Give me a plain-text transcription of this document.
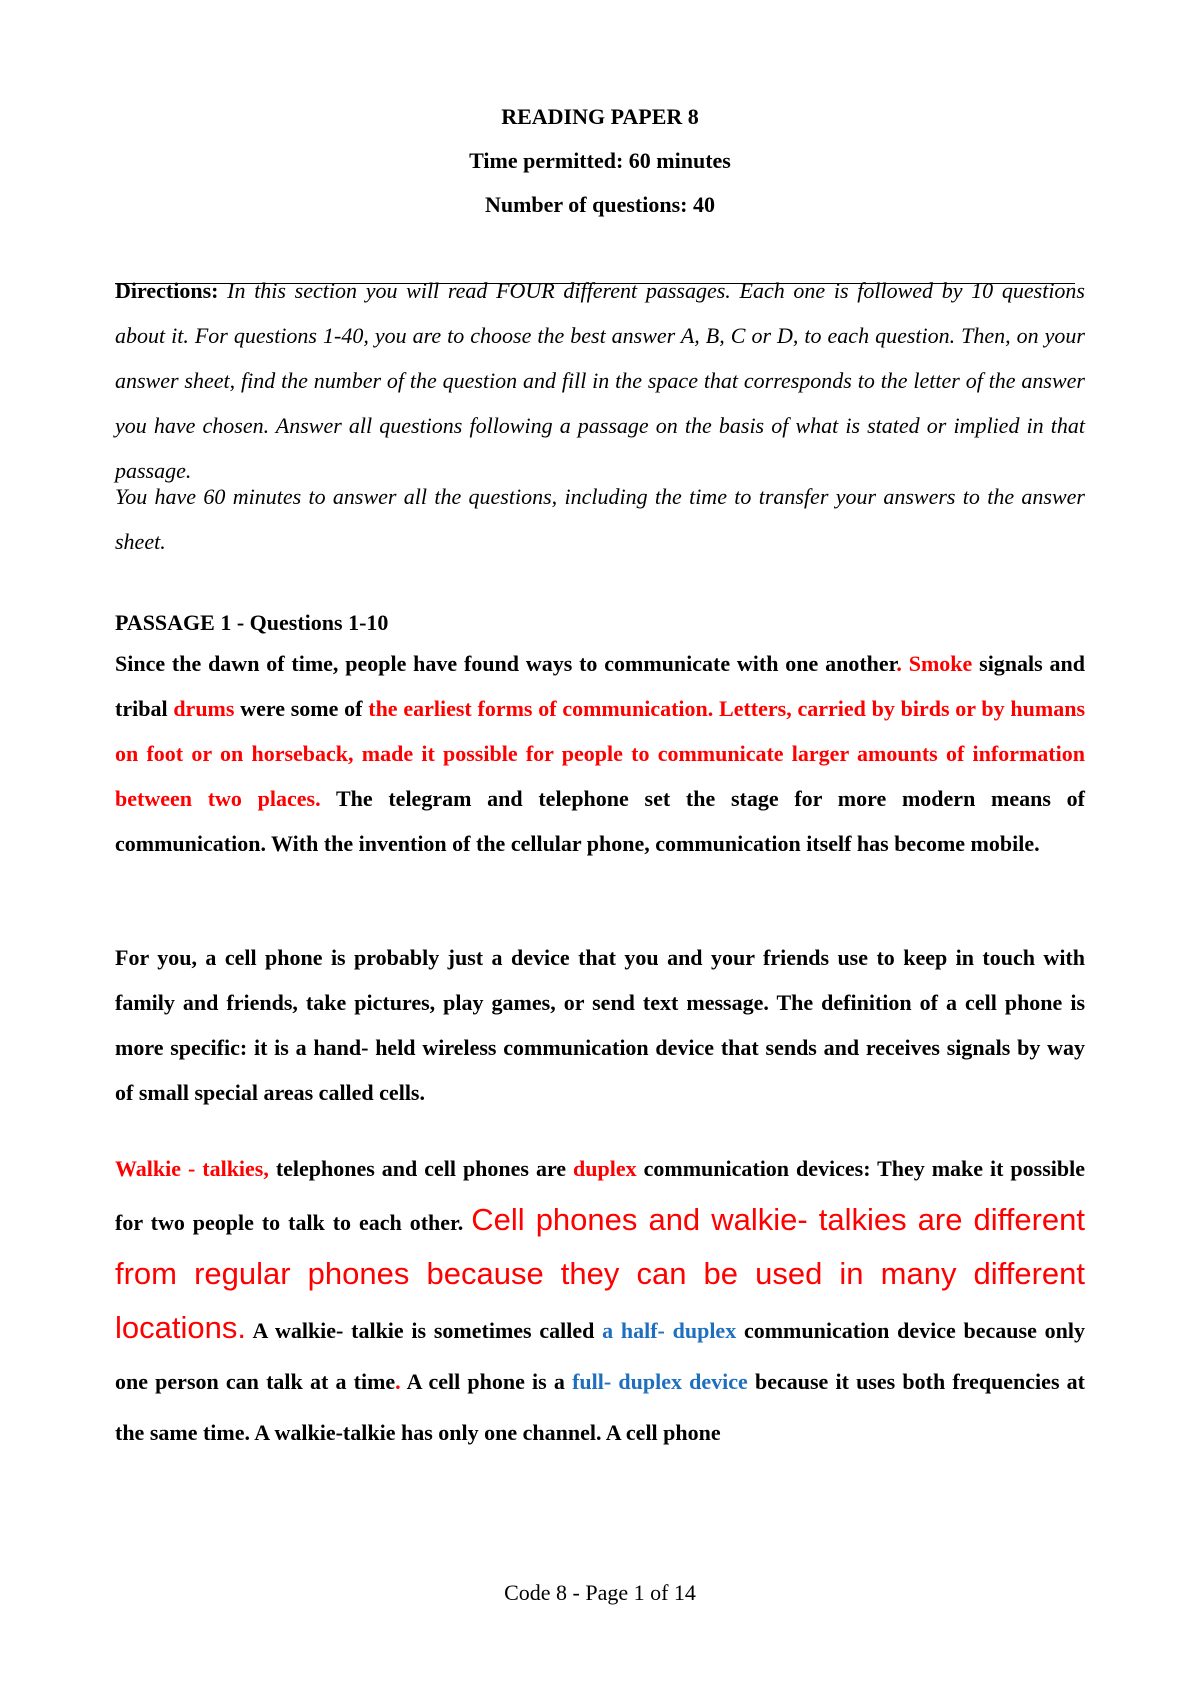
READING PAPER 8
Time permitted: 60 minutes
Number of questions: 40
Directions: In this section you will read FOUR different passages. Each one is followed by 10 questions about it. For questions 1-40, you are to choose the best answer A, B, C or D, to each question. Then, on your answer sheet, find the number of the question and fill in the space that corresponds to the letter of the answer you have chosen. Answer all questions following a passage on the basis of what is stated or implied in that passage.
You have 60 minutes to answer all the questions, including the time to transfer your answers to the answer sheet.
PASSAGE 1 - Questions 1-10
Since the dawn of time, people have found ways to communicate with one another. Smoke signals and tribal drums were some of the earliest forms of communication. Letters, carried by birds or by humans on foot or on horseback, made it possible for people to communicate larger amounts of information between two places. The telegram and telephone set the stage for more modern means of communication. With the invention of the cellular phone, communication itself has become mobile.
For you, a cell phone is probably just a device that you and your friends use to keep in touch with family and friends, take pictures, play games, or send text message. The definition of a cell phone is more specific: it is a hand- held wireless communication device that sends and receives signals by way of small special areas called cells.
Walkie - talkies, telephones and cell phones are duplex communication devices: They make it possible for two people to talk to each other. Cell phones and walkie- talkies are different from regular phones because they can be used in many different locations. A walkie- talkie is sometimes called a half- duplex communication device because only one person can talk at a time. A cell phone is a full- duplex device because it uses both frequencies at the same time. A walkie-talkie has only one channel. A cell phone
Code 8 - Page 1 of 14
